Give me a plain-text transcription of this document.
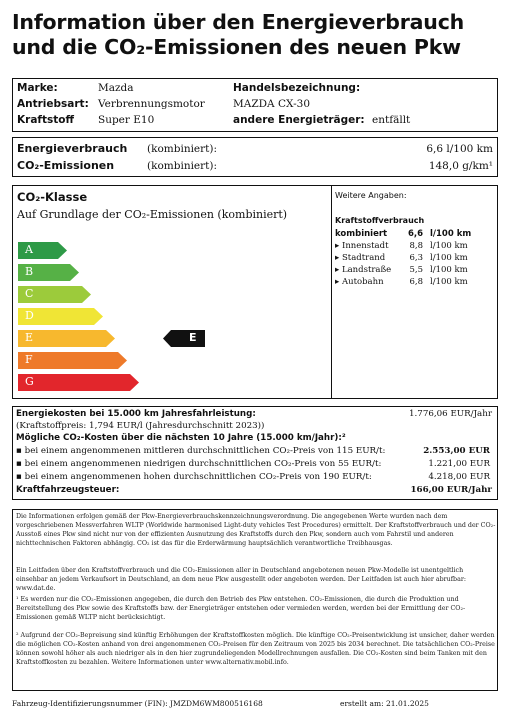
Information über den Energieverbrauch
und die CO₂-Emissionen des neuen Pkw
Marke:	Mazda	Handelsbezeichnung:
Antriebsart: Verbrennungsmotor	MAZDA CX-30
Kraftstoff Super E10	andere Energieträger: entfällt
Energieverbrauch (kombiniert):	6,6 l/100 km
CO₂-Emissionen	(kombiniert):	148,0 g/km¹
CO₂-Klasse
Auf Grundlage der CO₂-Emissionen (kombiniert)
A
B
C
D
E
F
G
E
Weitere Angaben:
Kraftstoffverbrauch
kombiniert	6,6 l/100 km
▸ Innenstadt	8,8 l/100 km
▸ Stadtrand	6,3 l/100 km
▸ Landstraße	5,5 l/100 km
▸ Autobahn	6,8 l/100 km
Energiekosten bei 15.000 km Jahresfahrleistung:	1.776,06 EUR/Jahr
(Kraftstoffpreis: 1,794 EUR/l (Jahresdurchschnitt 2023))
Mögliche CO₂-Kosten über die nächsten 10 Jahre (15.000 km/Jahr):²
▪ bei einem angenommenen mittleren durchschnittlichen CO₂-Preis von 115 EUR/t:	2.553,00 EUR
▪ bei einem angenommenen niedrigen durchschnittlichen CO₂-Preis von 55 EUR/t:	1.221,00 EUR
▪ bei einem angenommenen hohen durchschnittlichen CO₂-Preis von 190 EUR/t:	4.218,00 EUR
Kraftfahrzeugsteuer:	166,00 EUR/Jahr
Die Informationen erfolgen gemäß der Pkw-Energieverbrauchskennzeichnungsverordnung. Die angegebenen Werte wurden nach dem vorgeschriebenen Messverfahren WLTP (Worldwide harmonised Light-duty vehicles Test Procedures) ermittelt. Der Kraftstoffverbrauch und der CO₂-Ausstoß eines Pkw sind nicht nur von der effizienten Ausnutzung des Kraftstoffs durch den Pkw, sondern auch vom Fahrstil und anderen nichttechnischen Faktoren abhängig. CO₂ ist das für die Erderwärmung hauptsächlich verantwortliche Treibhausgas.
Ein Leitfaden über den Kraftstoffverbrauch und die CO₂-Emissionen aller in Deutschland angebotenen neuen Pkw-Modelle ist unentgeltlich einsehbar an jedem Verkaufsort in Deutschland, an dem neue Pkw ausgestellt oder angeboten werden. Der Leitfaden ist auch hier abrufbar: www.dat.de.
¹ Es werden nur die CO₂-Emissionen angegeben, die durch den Betrieb des Pkw entstehen. CO₂-Emissionen, die durch die Produktion und Bereitstellung des Pkw sowie des Kraftstoffs bzw. der Energieträger entstehen oder vermieden werden, werden bei der Ermittlung der CO₂-Emissionen gemäß WLTP nicht berücksichtigt.
² Aufgrund der CO₂-Bepreisung sind künftig Erhöhungen der Kraftstoffkosten möglich. Die künftige CO₂-Preisentwicklung ist unsicher, daher werden die möglichen CO₂-Kosten anhand von drei angenommenen CO₂-Preisen für den Zeitraum von 2025 bis 2034 berechnet. Die tatsächlichen CO₂-Preise können sowohl höher als auch niedriger als in den hier zugrundeliegenden Modellrechnungen ausfallen. Die CO₂-Kosten sind beim Tanken mit den Kraftstoffkosten zu bezahlen. Weitere Informationen unter www.alternativ.mobil.info.
Fahrzeug-Identifizierungsnummer (FIN): JMZDM6WM800516168	erstellt am: 21.01.2025
